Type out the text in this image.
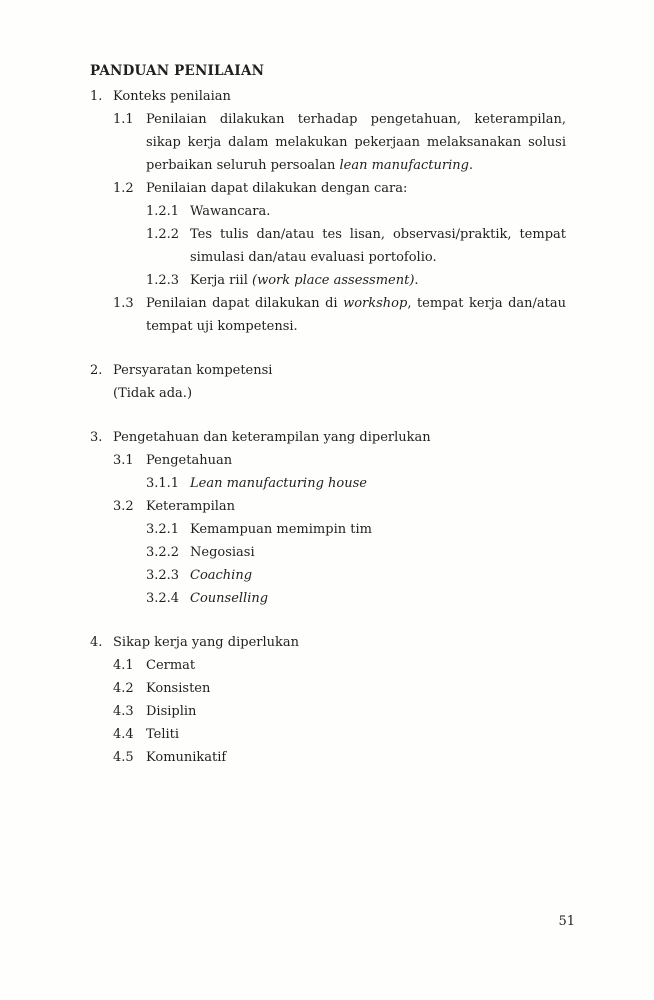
PANDUAN PENILAIAN

1. Konteks penilaian
1.1 Penilaian dilakukan terhadap pengetahuan, keterampilan, sikap kerja dalam melakukan pekerjaan melaksanakan solusi perbaikan seluruh persoalan lean manufacturing.
1.2 Penilaian dapat dilakukan dengan cara:
1.2.1 Wawancara.
1.2.2 Tes tulis dan/atau tes lisan, observasi/praktik, tempat simulasi dan/atau evaluasi portofolio.
1.2.3 Kerja riil (work place assessment).
1.3 Penilaian dapat dilakukan di workshop, tempat kerja dan/atau tempat uji kompetensi.
2. Persyaratan kompetensi
(Tidak ada.)
3. Pengetahuan dan keterampilan yang diperlukan
3.1 Pengetahuan
3.1.1 Lean manufacturing house
3.2 Keterampilan
3.2.1 Kemampuan memimpin tim
3.2.2 Negosiasi
3.2.3 Coaching
3.2.4 Counselling
4. Sikap kerja yang diperlukan
4.1 Cermat
4.2 Konsisten
4.3 Disiplin
4.4 Teliti
4.5 Komunikatif
51
